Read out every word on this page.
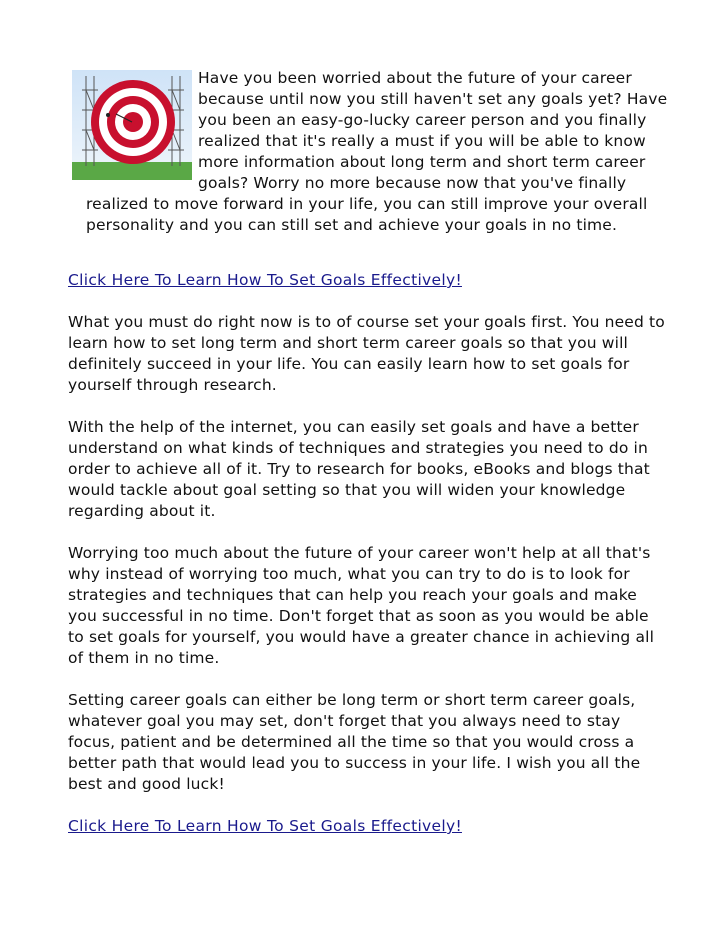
Have you been worried about the future of your career because until now you still haven't set any goals yet? Have you been an easy-go-lucky career person and you finally realized that it's really a must if you will be able to know more information about long term and short term career goals? Worry no more because now that you've finally realized to move forward in your life, you can still improve your overall personality and you can still set and achieve your goals in no time.

Click Here To Learn How To Set Goals Effectively!

What you must do right now is to of course set your goals first. You need to learn how to set long term and short term career goals so that you will definitely succeed in your life. You can easily learn how to set goals for yourself through research.

With the help of the internet, you can easily set goals and have a better understand on what kinds of techniques and strategies you need to do in order to achieve all of it. Try to research for books, eBooks and blogs that would tackle about goal setting so that you will widen your knowledge regarding about it.

Worrying too much about the future of your career won't help at all that's why instead of worrying too much, what you can try to do is to look for strategies and techniques that can help you reach your goals and make you successful in no time. Don't forget that as soon as you would be able to set goals for yourself, you would have a greater chance in achieving all of them in no time.

Setting career goals can either be long term or short term career goals, whatever goal you may set, don't forget that you always need to stay focus, patient and be determined all the time so that you would cross a better path that would lead you to success in your life. I wish you all the best and good luck!

Click Here To Learn How To Set Goals Effectively!
